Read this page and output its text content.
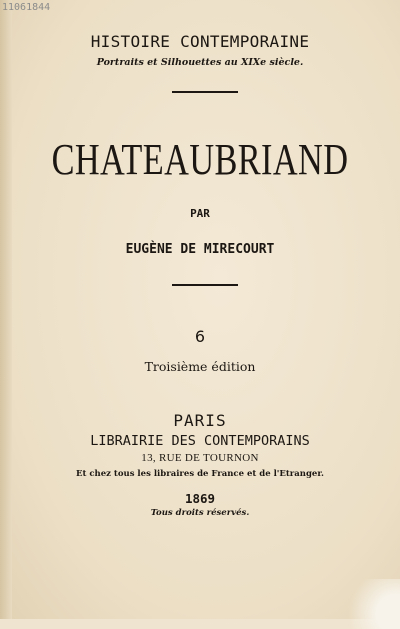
11061844
HISTOIRE CONTEMPORAINE
Portraits et Silhouettes au XIXe siècle.
CHATEAUBRIAND
PAR
EUGÈNE DE MIRECOURT
6
Troisième édition
PARIS
LIBRAIRIE DES CONTEMPORAINS
13, RUE DE TOURNON
Et chez tous les libraires de France et de l'Etranger.
1869
Tous droits réservés.
